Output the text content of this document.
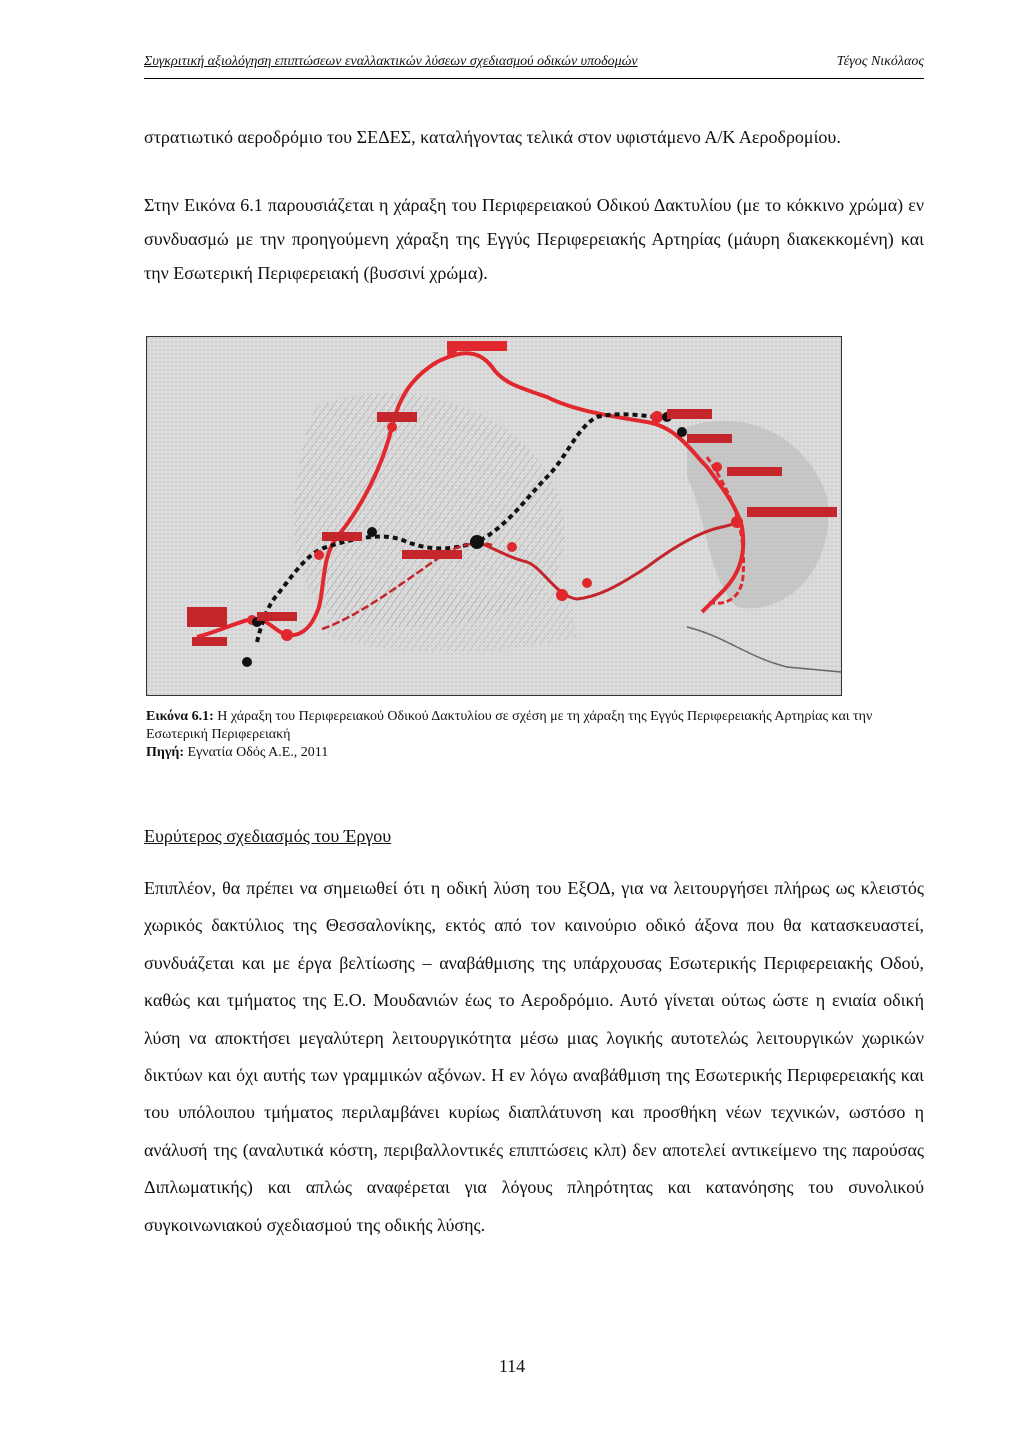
Συγκριτική αξιολόγηση επιπτώσεων εναλλακτικών λύσεων σχεδιασμού οδικών υποδομών	Τέγος Νικόλαος

στρατιωτικό αεροδρόμιο του ΣΕΔΕΣ, καταλήγοντας τελικά στον υφιστάμενο Α/Κ Αεροδρομίου.

Στην Εικόνα 6.1 παρουσιάζεται η χάραξη του Περιφερειακού Οδικού Δακτυλίου (με το κόκκινο χρώμα) εν συνδυασμώ με την προηγούμενη χάραξη της Εγγύς Περιφερειακής Αρτηρίας (μάυρη διακεκκομένη) και την Εσωτερική Περιφερειακή (βυσσινί χρώμα).

Εικόνα 6.1: Η χάραξη του Περιφερειακού Οδικού Δακτυλίου σε σχέση με τη χάραξη της Εγγύς Περιφερειακής Αρτηρίας και την Εσωτερική Περιφερειακή
Πηγή: Εγνατία Οδός Α.Ε., 2011
Ευρύτερος σχεδιασμός του Έργου

Επιπλέον, θα πρέπει να σημειωθεί ότι η οδική λύση του ΕξΟΔ, για να λειτουργήσει πλήρως ως κλειστός χωρικός δακτύλιος της Θεσσαλονίκης, εκτός από τον καινούριο οδικό άξονα που θα κατασκευαστεί, συνδυάζεται και με έργα βελτίωσης – αναβάθμισης της υπάρχουσας Εσωτερικής Περιφερειακής Οδού, καθώς και τμήματος της Ε.Ο. Μουδανιών έως το Αεροδρόμιο. Αυτό γίνεται ούτως ώστε η ενιαία οδική λύση να αποκτήσει μεγαλύτερη λειτουργικότητα μέσω μιας λογικής αυτοτελώς λειτουργικών χωρικών δικτύων και όχι αυτής των γραμμικών αξόνων. Η εν λόγω αναβάθμιση της Εσωτερικής Περιφερειακής και του υπόλοιπου τμήματος περιλαμβάνει κυρίως διαπλάτυνση και προσθήκη νέων τεχνικών, ωστόσο η ανάλυσή της (αναλυτικά κόστη, περιβαλλοντικές επιπτώσεις κλπ) δεν αποτελεί αντικείμενο της παρούσας Διπλωματικής) και απλώς αναφέρεται για λόγους πληρότητας και κατανόησης του συνολικού συγκοινωνιακού σχεδιασμού της οδικής λύσης.

114
